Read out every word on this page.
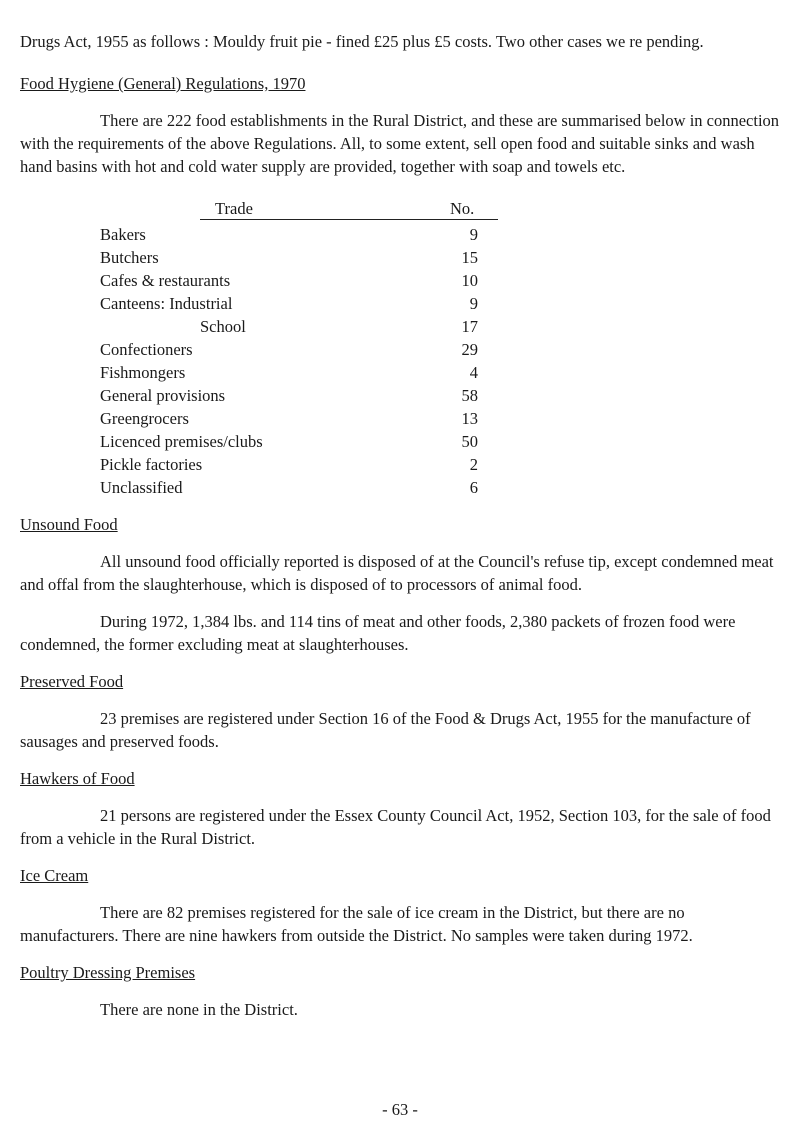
Drugs Act, 1955 as follows : Mouldy fruit pie - fined £25 plus £5 costs. Two other cases we re pending.

Food Hygiene (General) Regulations, 1970

There are 222 food establishments in the Rural District, and these are summarised below in connection with the requirements of the above Regulations. All, to some extent, sell open food and suitable sinks and wash hand basins with hot and cold water supply are provided, together with soap and towels etc.

Trade	No.
Bakers	9
Butchers	15
Cafes & restaurants	10
Canteens: Industrial	9
School	17
Confectioners	29
Fishmongers	4
General provisions	58
Greengrocers	13
Licenced premises/clubs	50
Pickle factories	2
Unclassified	6

Unsound Food

All unsound food officially reported is disposed of at the Council's refuse tip, except condemned meat and offal from the slaughterhouse, which is disposed of to processors of animal food.

During 1972, 1,384 lbs. and 114 tins of meat and other foods, 2,380 packets of frozen food were condemned, the former excluding meat at slaughterhouses.

Preserved Food

23 premises are registered under Section 16 of the Food & Drugs Act, 1955 for the manufacture of sausages and preserved foods.

Hawkers of Food

21 persons are registered under the Essex County Council Act, 1952, Section 103, for the sale of food from a vehicle in the Rural District.

Ice Cream

There are 82 premises registered for the sale of ice cream in the District, but there are no manufacturers. There are nine hawkers from outside the District. No samples were taken during 1972.

Poultry Dressing Premises

There are none in the District.

- 63 -
